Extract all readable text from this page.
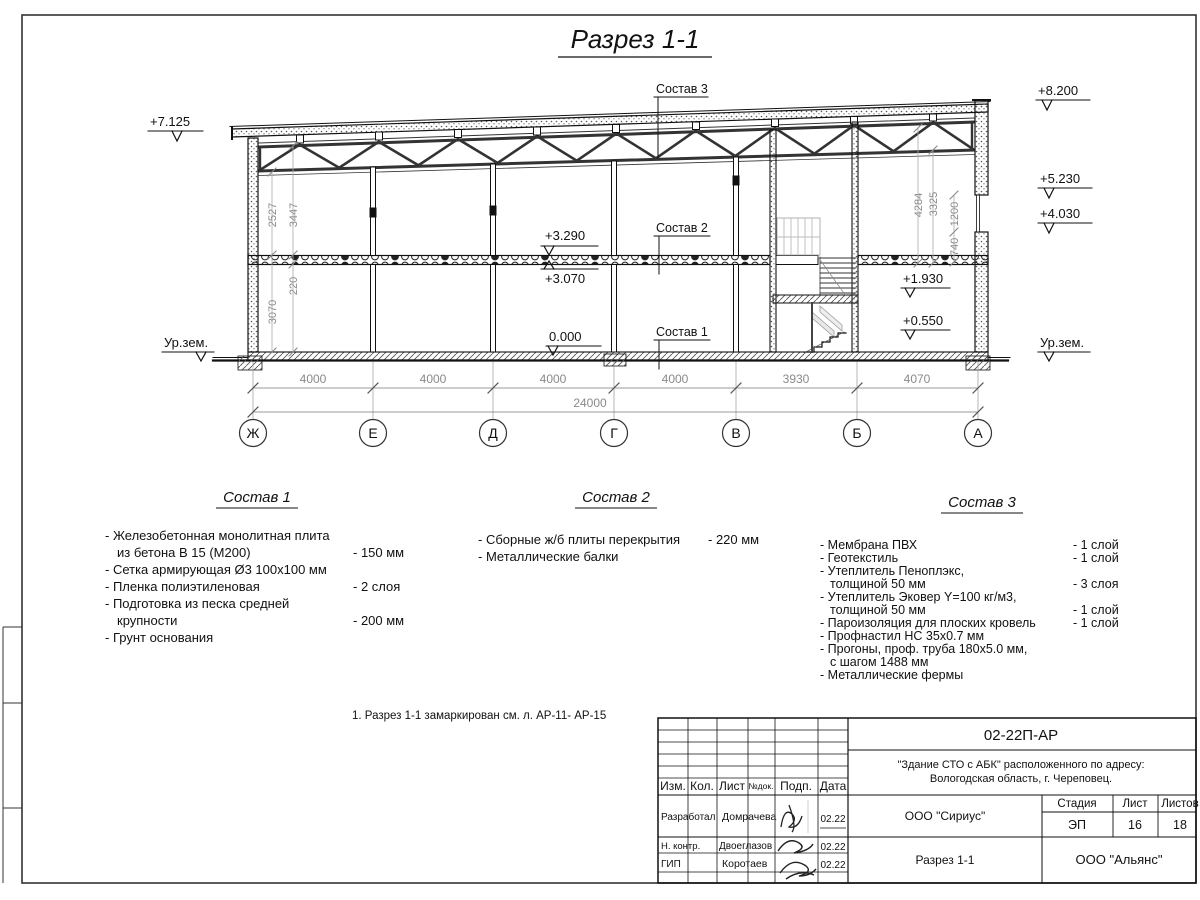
Разрез 1-1
Состав 3
Состав 2
Состав 1
+7.125
+8.200
+5.230
+4.030
+3.290
+3.070
0.000
+1.930
+0.550
Ур.зем.	Ур.зем.
2527 3447
220
3070
4284 3325 1200
740
4000	4000	4000	4000	3930	4070
24000
Ж	Е	Д	Г	В	Б	А
Состав 1
- Железобетонная монолитная плита
из бетона В 15 (М200)	- 150 мм
- Сетка армирующая Ø3 100х100 мм
- Пленка полиэтиленовая	- 2 слоя
- Подготовка из песка средней
крупности	- 200 мм
- Грунт основания
Состав 2
- Сборные ж/б плиты перекрытия - 220 мм
- Металлические балки
Состав 3
- Мембрана ПВХ	- 1 слой
- Геотекстиль	- 1 слой
- Утеплитель Пеноплэкс,
толщиной 50 мм	- 3 слоя
- Утеплитель Эковер Y=100 кг/м3,
толщиной 50 мм	- 1 слой
- Пароизоляция для плоских кровель	- 1 слой
- Профнастил НС 35х0.7 мм
- Прогоны, проф. труба 180х5.0 мм,
с шагом 1488 мм
- Металлические фермы
1. Разрез 1-1 замаркирован см. л. АР-11- АР-15
Изм. Кол. Лист №док. Подп. Дата
Разработал Домрачева	02.22
Н. контр. Двоеглазов	02.22
ГИП	Коротаев	02.22
02-22П-АР
"Здание СТО с АБК" расположенного по адресу:
Вологодская область, г. Череповец.
ООО "Сириус"
Разрез 1-1
Стадия Лист Листов
ЭП	16 18
ООО "Альянс"
